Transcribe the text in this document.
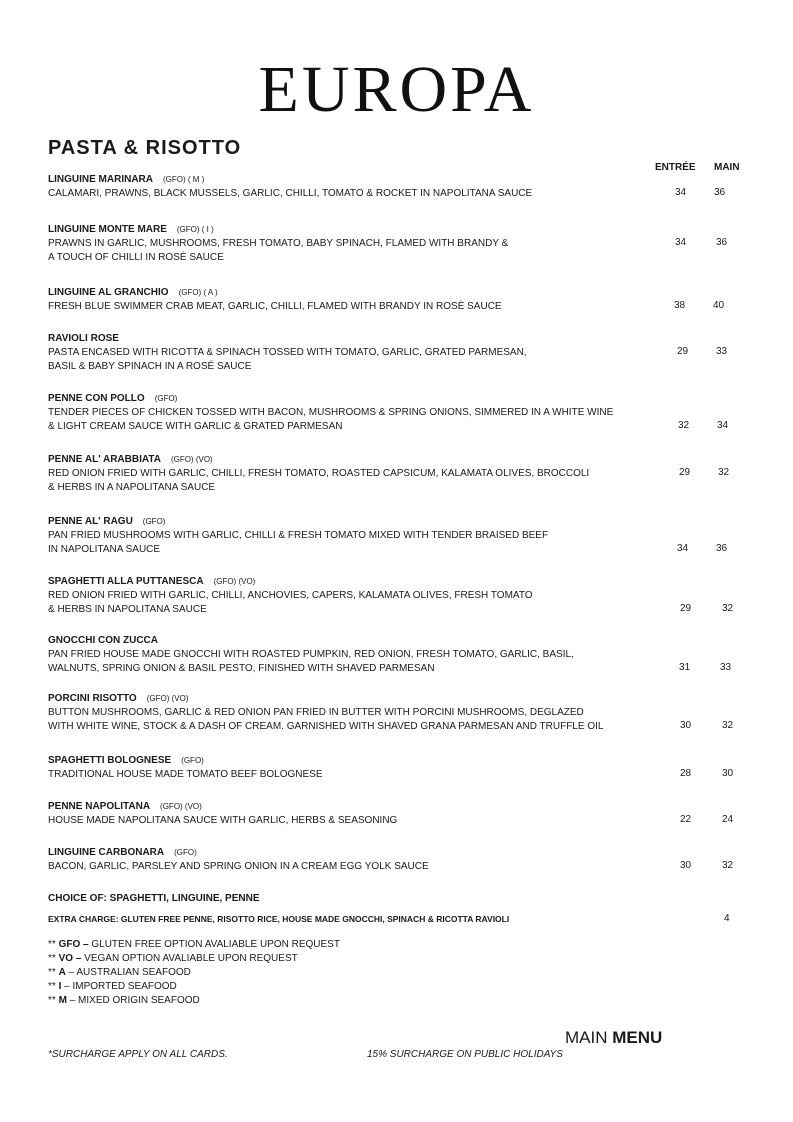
EUROPA
PASTA & RISOTTO
ENTRÉE MAIN
LINGUINE MARINARA (GFO) ( M )
CALAMARI, PRAWNS, BLACK MUSSELS, GARLIC, CHILLI, TOMATO & ROCKET IN NAPOLITANA SAUCE	34	36
LINGUINE MONTE MARE (GFO) ( I )
PRAWNS IN GARLIC, MUSHROOMS, FRESH TOMATO, BABY SPINACH, FLAMED WITH BRANDY &
A TOUCH OF CHILLI IN ROSÈ SAUCE
34	36
LINGUINE AL GRANCHIO (GFO) ( A )
FRESH BLUE SWIMMER CRAB MEAT, GARLIC, CHILLI, FLAMED WITH BRANDY IN ROSÈ SAUCE	38	40
RAVIOLI ROSE
PASTA ENCASED WITH RICOTTA & SPINACH TOSSED WITH TOMATO, GARLIC, GRATED PARMESAN,
BASIL & BABY SPINACH IN A ROSÉ SAUCE
29	33
PENNE CON POLLO (GFO)
TENDER PIECES OF CHICKEN TOSSED WITH BACON, MUSHROOMS & SPRING ONIONS, SIMMERED IN A WHITE WINE
& LIGHT CREAM SAUCE WITH GARLIC & GRATED PARMESAN	32	34
PENNE AL' ARABBIATA (GFO) (VO)
RED ONION FRIED WITH GARLIC, CHILLI, FRESH TOMATO, ROASTED CAPSICUM, KALAMATA OLIVES, BROCCOLI
& HERBS IN A NAPOLITANA SAUCE
29	32
PENNE AL' RAGU (GFO)
PAN FRIED MUSHROOMS WITH GARLIC, CHILLI & FRESH TOMATO MIXED WITH TENDER BRAISED BEEF
IN NAPOLITANA SAUCE	34	36
SPAGHETTI ALLA PUTTANESCA (GFO) (VO)
RED ONION FRIED WITH GARLIC, CHILLI, ANCHOVIES, CAPERS, KALAMATA OLIVES, FRESH TOMATO
& HERBS IN NAPOLITANA SAUCE	29	32
GNOCCHI CON ZUCCA
PAN FRIED HOUSE MADE GNOCCHI WITH ROASTED PUMPKIN, RED ONION, FRESH TOMATO, GARLIC, BASIL,
WALNUTS, SPRING ONION & BASIL PESTO, FINISHED WITH SHAVED PARMESAN	31	33
PORCINI RISOTTO (GFO) (VO)
BUTTON MUSHROOMS, GARLIC & RED ONION PAN FRIED IN BUTTER WITH PORCINI MUSHROOMS, DEGLAZED
WITH WHITE WINE, STOCK & A DASH OF CREAM. GARNISHED WITH SHAVED GRANA PARMESAN AND TRUFFLE OIL	30	32
SPAGHETTI BOLOGNESE (GFO)
TRADITIONAL HOUSE MADE TOMATO BEEF BOLOGNESE	28	30
PENNE NAPOLITANA (GFO) (VO)
HOUSE MADE NAPOLITANA SAUCE WITH GARLIC, HERBS & SEASONING	22	24
LINGUINE CARBONARA (GFO)
BACON, GARLIC, PARSLEY AND SPRING ONION IN A CREAM EGG YOLK SAUCE	30	32
CHOICE OF: SPAGHETTI, LINGUINE, PENNE
EXTRA CHARGE: GLUTEN FREE PENNE, RISOTTO RICE, HOUSE MADE GNOCCHI, SPINACH & RICOTTA RAVIOLI	4
** GFO – GLUTEN FREE OPTION AVALIABLE UPON REQUEST
** VO – VEGAN OPTION AVALIABLE UPON REQUEST
** A – AUSTRALIAN SEAFOOD
** I – IMPORTED SEAFOOD
** M – MIXED ORIGIN SEAFOOD
MAIN MENU
*SURCHARGE APPLY ON ALL CARDS.	15% SURCHARGE ON PUBLIC HOLIDAYS
